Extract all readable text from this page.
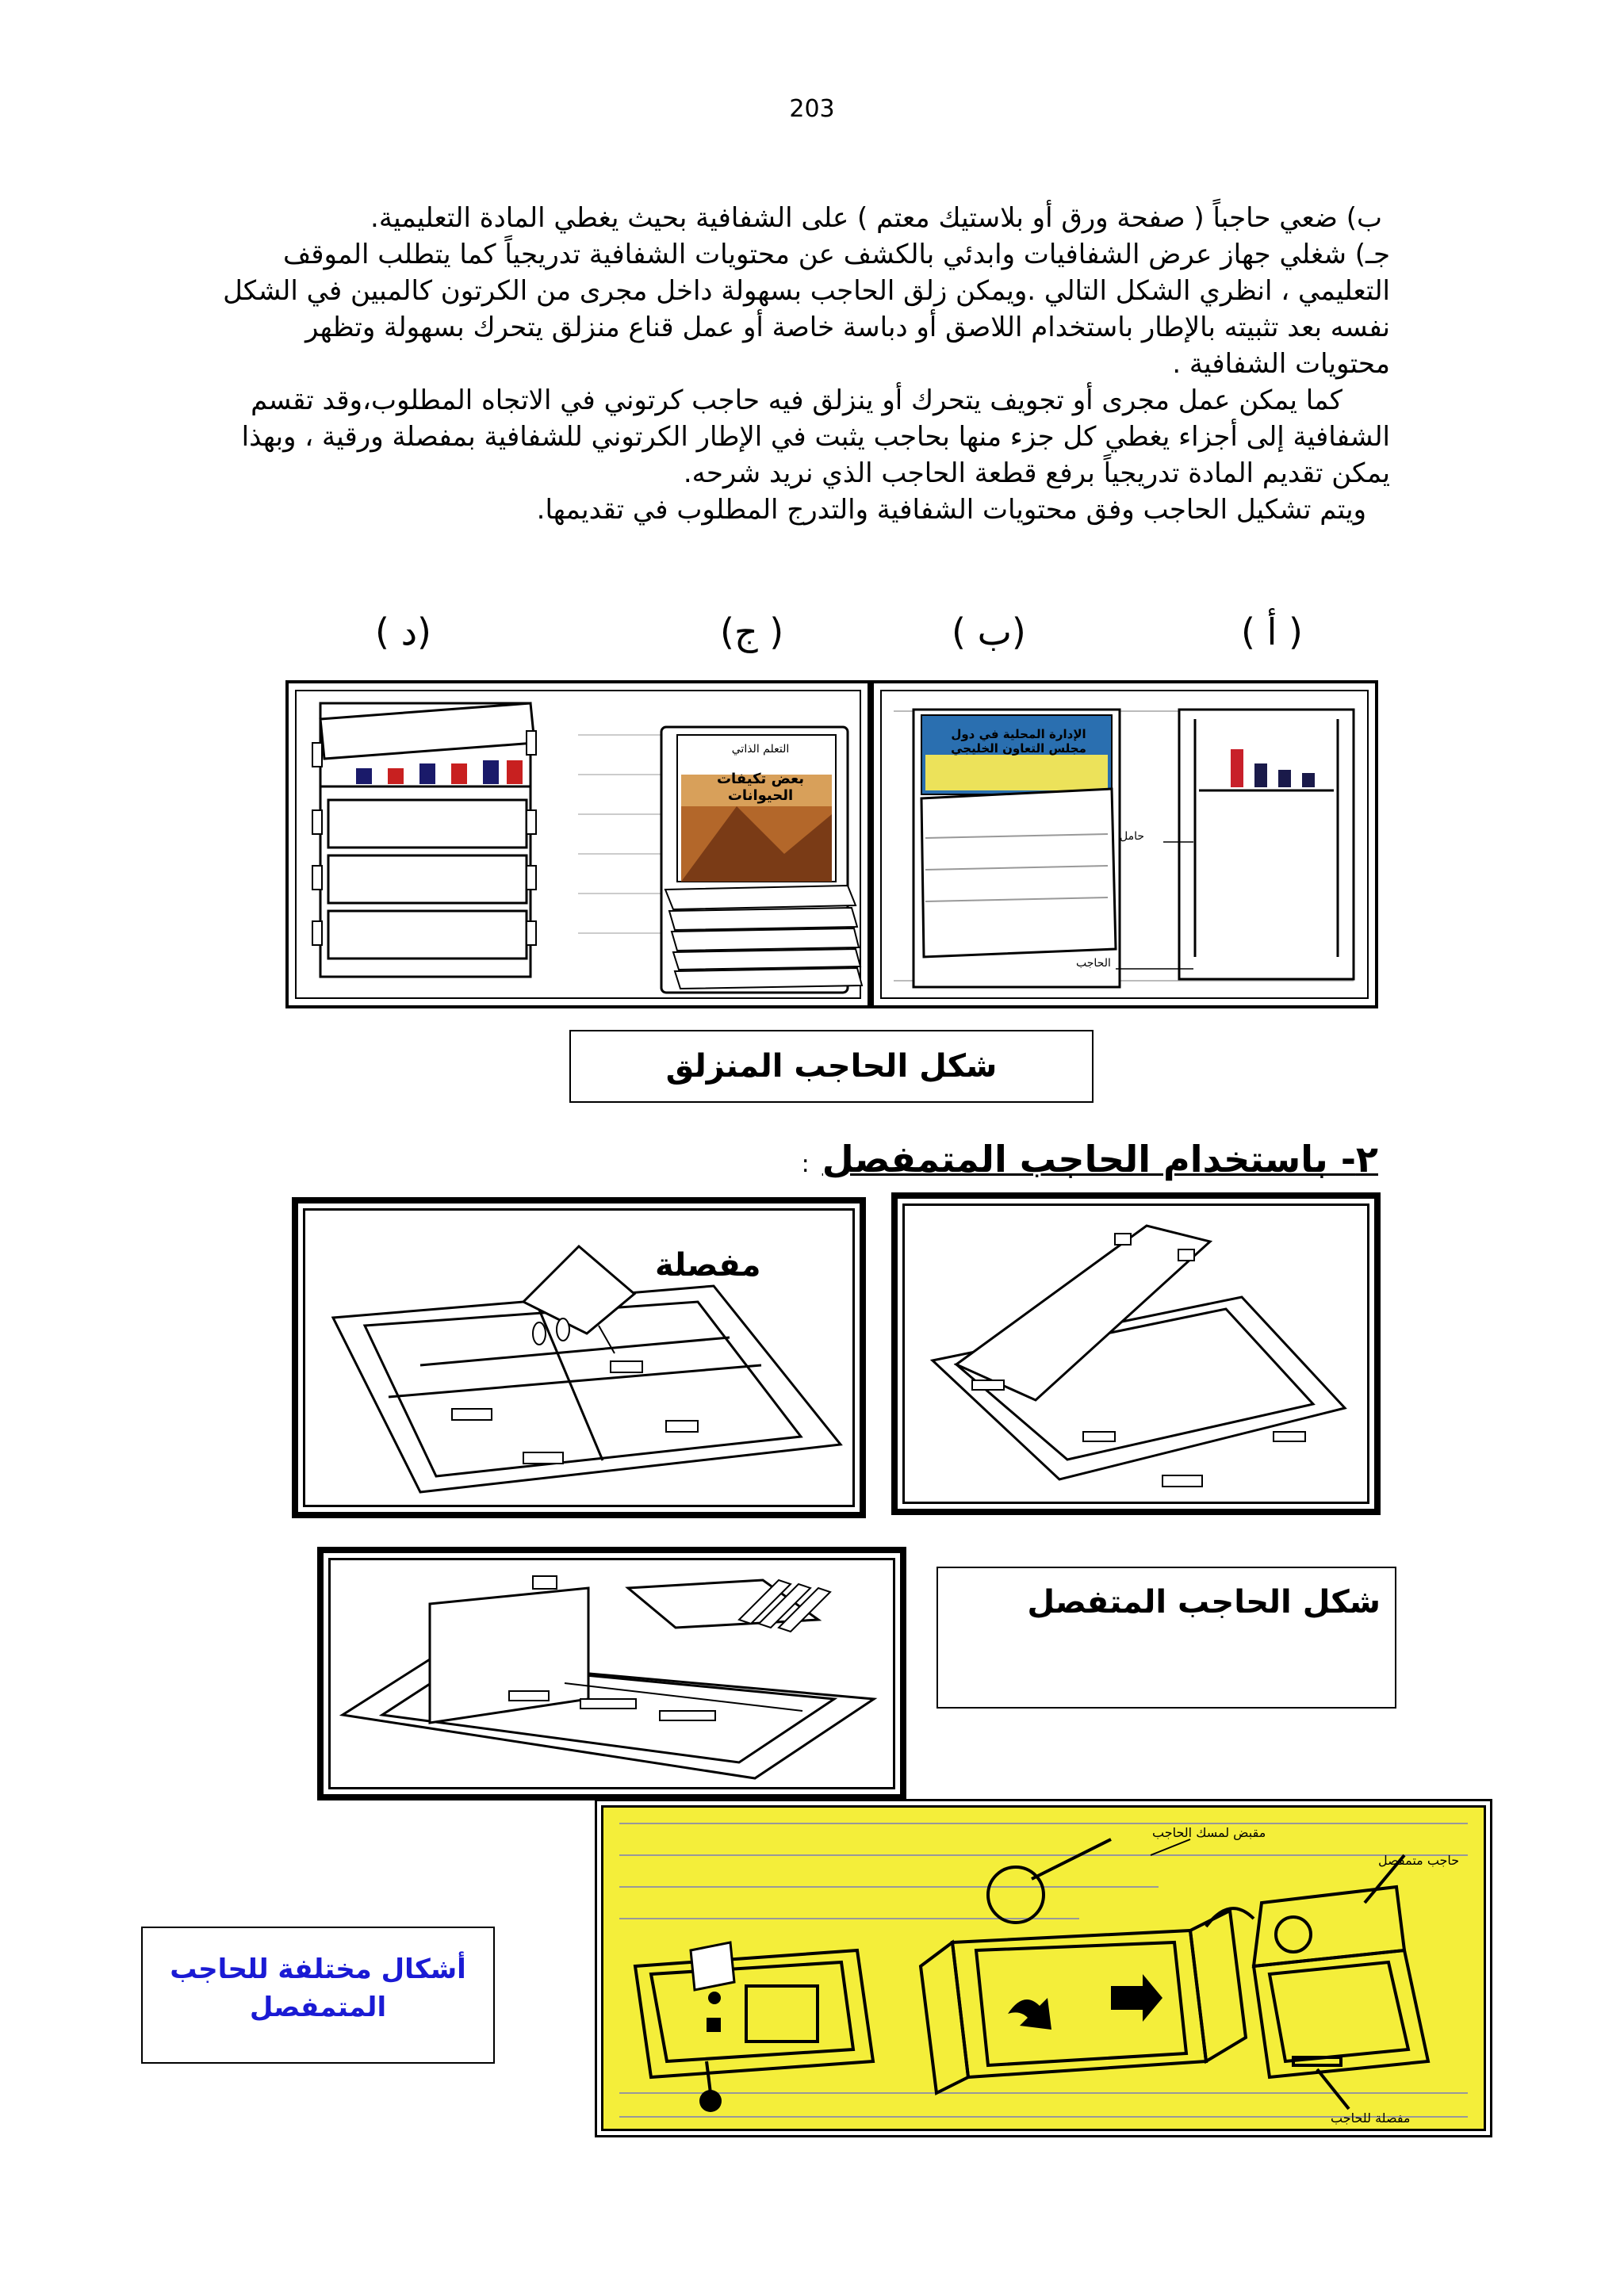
203
ب) ضعي حاجباً ( صفحة ورق أو بلاستيك معتم ) على الشفافية بحيث يغطي المادة التعليمية.
جـ) شغلي جهاز عرض الشفافيات وابدئي بالكشف عن محتويات الشفافية تدريجياً كما يتطلب الموقف
التعليمي ، انظري الشكل التالي .ويمكن زلق الحاجب بسهولة داخل مجرى من الكرتون كالمبين في الشكل
نفسه بعد تثبيته بالإطار باستخدام اللاصق أو دباسة خاصة أو عمل قناع منزلق يتحرك بسهولة وتظهر
محتويات الشفافية .
كما يمكن عمل مجرى أو تجويف يتحرك أو ينزلق فيه حاجب كرتوني في الاتجاه المطلوب،وقد تقسم
الشفافية إلى أجزاء يغطي كل جزء منها بحاجب يثبت في الإطار الكرتوني للشفافية بمفصلة ورقية ، وبهذا
يمكن تقديم المادة تدريجياً برفع قطعة الحاجب الذي نريد شرحه.
ويتم تشكيل الحاجب وفق محتويات الشفافية والتدرج المطلوب في تقديمها.
( أ )
(ب )
( ج)
(د )
التعلم الذاتي
بعض تكيفات الحيوانات
الإدارة المحلية في دول
مجلس التعاون الخليجي
حامل
الحاجب
شكل الحاجب المنزلق
٢- باستخدام الحاجب المتمفصل :
مفصلة
شكل الحاجب المتفصل
مقبض لمسك الحاجب
حاجب متمفصل
مفصلة للحاجب
أشكال مختلفة للحاجب
المتمفصل
